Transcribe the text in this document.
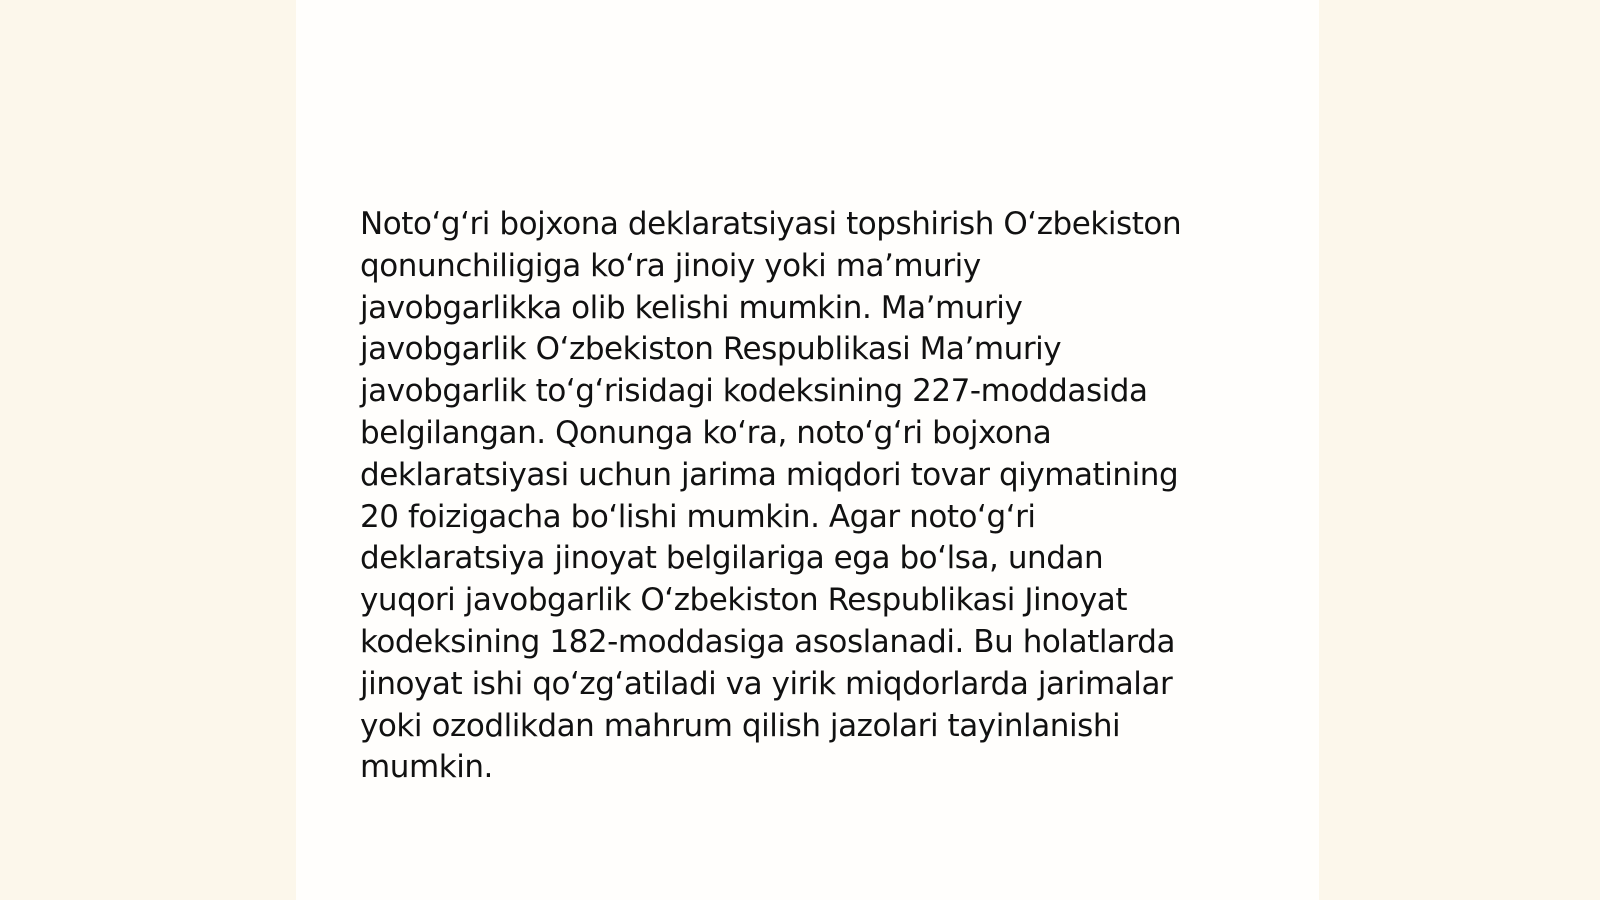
Noto‘g‘ri bojxona deklaratsiyasi topshirish O‘zbekiston
qonunchiligiga ko‘ra jinoiy yoki ma’muriy
javobgarlikka olib kelishi mumkin. Ma’muriy
javobgarlik O‘zbekiston Respublikasi Ma’muriy
javobgarlik to‘g‘risidagi kodeksining 227-moddasida
belgilangan. Qonunga ko‘ra, noto‘g‘ri bojxona
deklaratsiyasi uchun jarima miqdori tovar qiymatining
20 foizigacha bo‘lishi mumkin. Agar noto‘g‘ri
deklaratsiya jinoyat belgilariga ega bo‘lsa, undan
yuqori javobgarlik O‘zbekiston Respublikasi Jinoyat
kodeksining 182-moddasiga asoslanadi. Bu holatlarda
jinoyat ishi qo‘zg‘atiladi va yirik miqdorlarda jarimalar
yoki ozodlikdan mahrum qilish jazolari tayinlanishi
mumkin.
